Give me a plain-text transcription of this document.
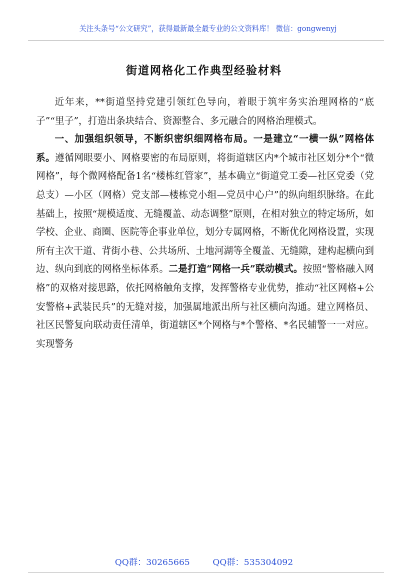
关注头条号“公文研究”，获得最新最全最专业的公文资料库！ 微信：gongwenyj
街道网格化工作典型经验材料

近年来，**街道坚持党建引领红色导向，着眼于筑牢务实治理网格的“底子”“里子”，打造出条块结合、资源整合、多元融合的网格治理模式。

一、加强组织领导，不断织密织细网格布局。一是建立“一横一纵”网格体系。遵循网眼要小、网格要密的布局原则，将街道辖区内*个城市社区划分*个“微网格”，每个微网格配备1名“楼栋红管家”，基本确立“街道党工委—社区党委（党总支）—小区（网格）党支部—楼栋党小组—党员中心户”的纵向组织脉络。在此基础上，按照“规模适度、无缝覆盖、动态调整”原则，在相对独立的特定场所，如学校、企业、商圈、医院等企事业单位，划分专属网格，不断优化网格设置，实现所有主次干道、背街小巷、公共场所、土地河湖等全覆盖、无缝隙，建构起横向到边、纵向到底的网格坐标体系。二是打造“网格一兵”联动模式。按照“警格融入网格”的双格对接思路，依托网格触角支撑，发挥警格专业优势，推动“社区网格+公安警格+武装民兵”的无缝对接，加强属地派出所与社区横向沟通。建立网格员、社区民警复向联动责任清单，街道辖区*个网格与*个警格、*名民辅警一一对应。实现警务

QQ群：30265665	QQ群：535304092
